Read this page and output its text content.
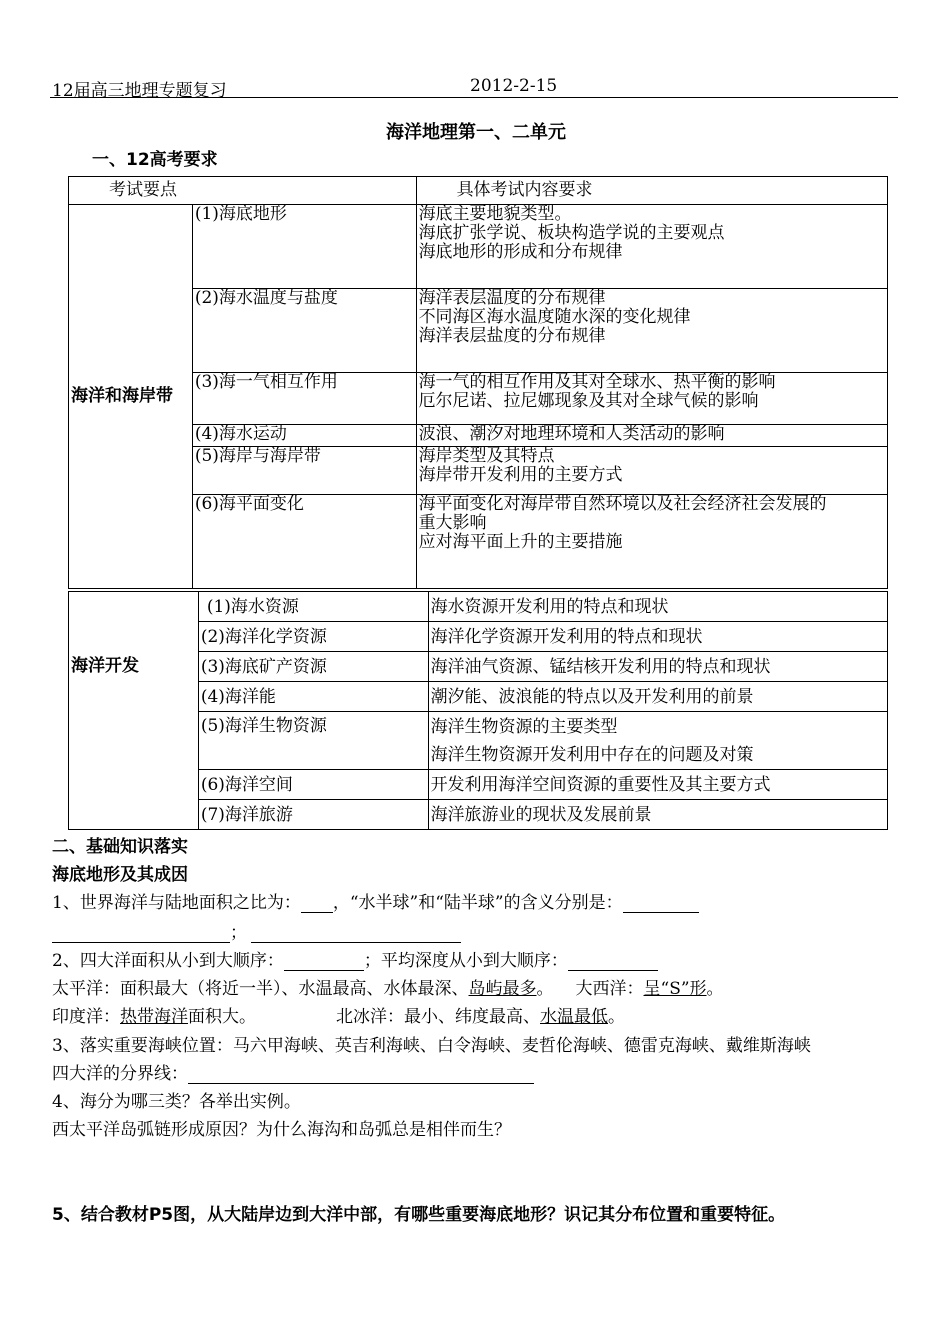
12届高三地理专题复习	2012-2-15
海洋地理第一、二单元
一、12高考要求
考试要点		具体考试内容要求
海洋和海岸带	(1)海底地形	海底主要地貌类型。
海底扩张学说、板块构造学说的主要观点
海底地形的形成和分布规律

	(2)海水温度与盐度	海洋表层温度的分布规律
不同海区海水温度随水深的变化规律
海洋表层盐度的分布规律

	(3)海一气相互作用	海一气的相互作用及其对全球水、热平衡的影响
厄尔尼诺、拉尼娜现象及其对全球气候的影响

	(4)海水运动	波浪、潮汐对地理环境和人类活动的影响
	(5)海岸与海岸带	海岸类型及其特点
海岸带开发利用的主要方式

	(6)海平面变化	海平面变化对海岸带自然环境以及社会经济社会发展的
重大影响
应对海平面上升的主要措施
海洋开发	(1)海水资源	海水资源开发利用的特点和现状
	(2)海洋化学资源	海洋化学资源开发利用的特点和现状
	(3)海底矿产资源	海洋油气资源、锰结核开发利用的特点和现状
	(4)海洋能	潮汐能、波浪能的特点以及开发利用的前景
	(5)海洋生物资源	海洋生物资源的主要类型
海洋生物资源开发利用中存在的问题及对策

	(6)海洋空间	开发利用海洋空间资源的重要性及其主要方式
	(7)海洋旅游	海洋旅游业的现状及发展前景
二、基础知识落实
海底地形及其成因
1、世界海洋与陆地面积之比为： ，“水半球”和“陆半球”的含义分别是：
；
2、四大洋面积从小到大顺序：	；平均深度从小到大顺序：
太平洋：面积最大（将近一半）、水温最高、水体最深、岛屿最多。 大西洋：呈“S”形。
印度洋：热带海洋面积大。	北冰洋：最小、纬度最高、水温最低。
3、落实重要海峡位置：马六甲海峡、英吉利海峡、白令海峡、麦哲伦海峡、德雷克海峡、戴维斯海峡
四大洋的分界线：
4、海分为哪三类？各举出实例。
西太平洋岛弧链形成原因？为什么海沟和岛弧总是相伴而生？
5、结合教材P5图，从大陆岸边到大洋中部，有哪些重要海底地形？识记其分布位置和重要特征。
